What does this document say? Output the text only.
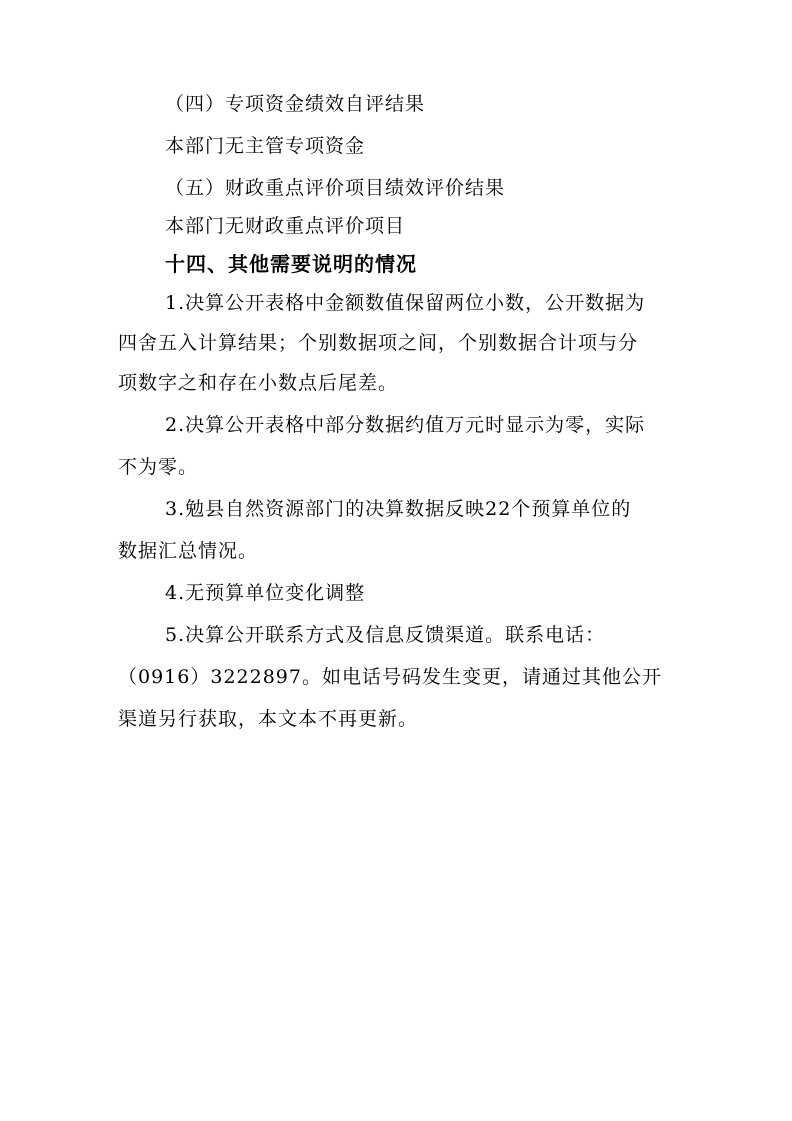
（四）专项资金绩效自评结果
本部门无主管专项资金
（五）财政重点评价项目绩效评价结果
本部门无财政重点评价项目
十四、其他需要说明的情况
1.决算公开表格中金额数值保留两位小数，公开数据为
四舍五入计算结果；个别数据项之间，个别数据合计项与分
项数字之和存在小数点后尾差。
2.决算公开表格中部分数据约值万元时显示为零，实际
不为零。
3.勉县自然资源部门的决算数据反映22个预算单位的
数据汇总情况。
4.无预算单位变化调整
5.决算公开联系方式及信息反馈渠道。联系电话：
（0916）3222897。如电话号码发生变更，请通过其他公开
渠道另行获取，本文本不再更新。
